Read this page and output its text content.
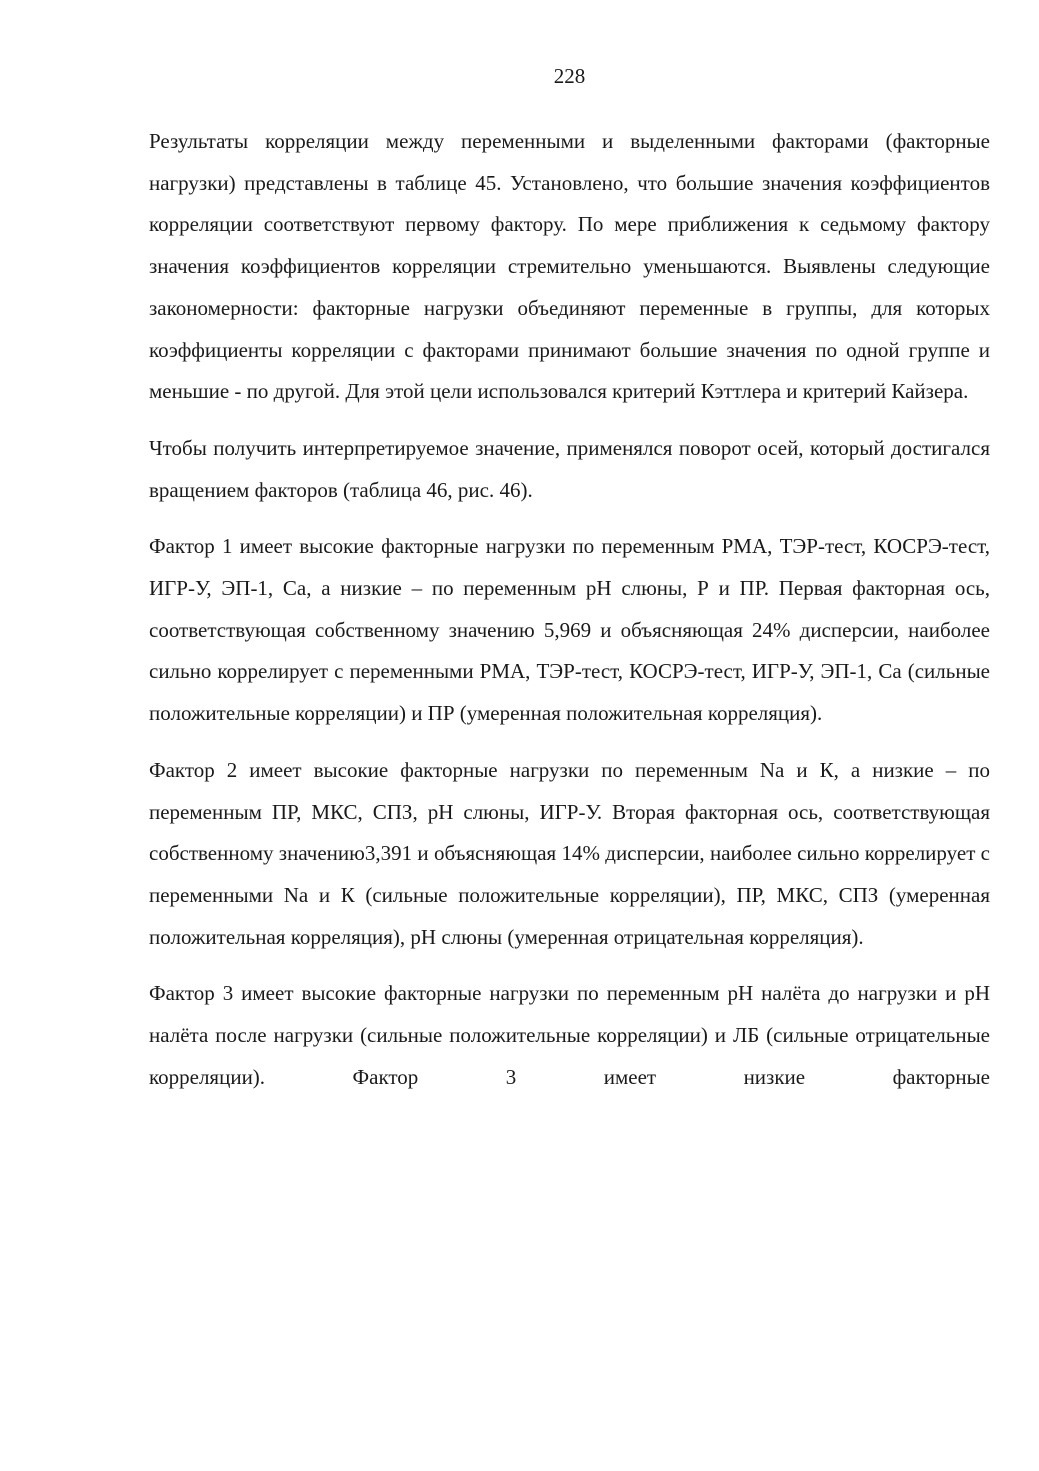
228

Результаты корреляции между переменными и выделенными факторами (факторные нагрузки) представлены в таблице 45. Установлено, что большие значения коэффициентов корреляции соответствуют первому фактору. По мере приближения к седьмому фактору значения коэффициентов корреляции стремительно уменьшаются. Выявлены следующие закономерности: факторные нагрузки объединяют переменные в группы, для которых коэффициенты корреляции с факторами принимают большие значения по одной группе и меньшие - по другой. Для этой цели использовался критерий Кэттлера и критерий Кайзера.

Чтобы получить интерпретируемое значение, применялся поворот осей, который достигался вращением факторов (таблица 46, рис. 46).

Фактор 1 имеет высокие факторные нагрузки по переменным РМА, ТЭР-тест, КОСРЭ-тест, ИГР-У, ЭП-1, Са, а низкие – по переменным рН слюны, Р и ПР. Первая факторная ось, соответствующая собственному значению 5,969 и объясняющая 24% дисперсии, наиболее сильно коррелирует с переменными РМА, ТЭР-тест, КОСРЭ-тест, ИГР-У, ЭП-1, Са (сильные положительные корреляции) и ПР (умеренная положительная корреляция).

Фактор 2 имеет высокие факторные нагрузки по переменным Na и К, а низкие – по переменным ПР, МКС, СПЗ, рН слюны, ИГР-У. Вторая факторная ось, соответствующая собственному значению3,391 и объясняющая 14% дисперсии, наиболее сильно коррелирует с переменными Na и К (сильные положительные корреляции), ПР, МКС, СПЗ (умеренная положительная корреляция), рН слюны (умеренная отрицательная корреляция).

Фактор 3 имеет высокие факторные нагрузки по переменным рН налёта до нагрузки и рН налёта после нагрузки (сильные положительные корреляции) и ЛБ (сильные отрицательные корреляции). Фактор 3 имеет низкие факторные
